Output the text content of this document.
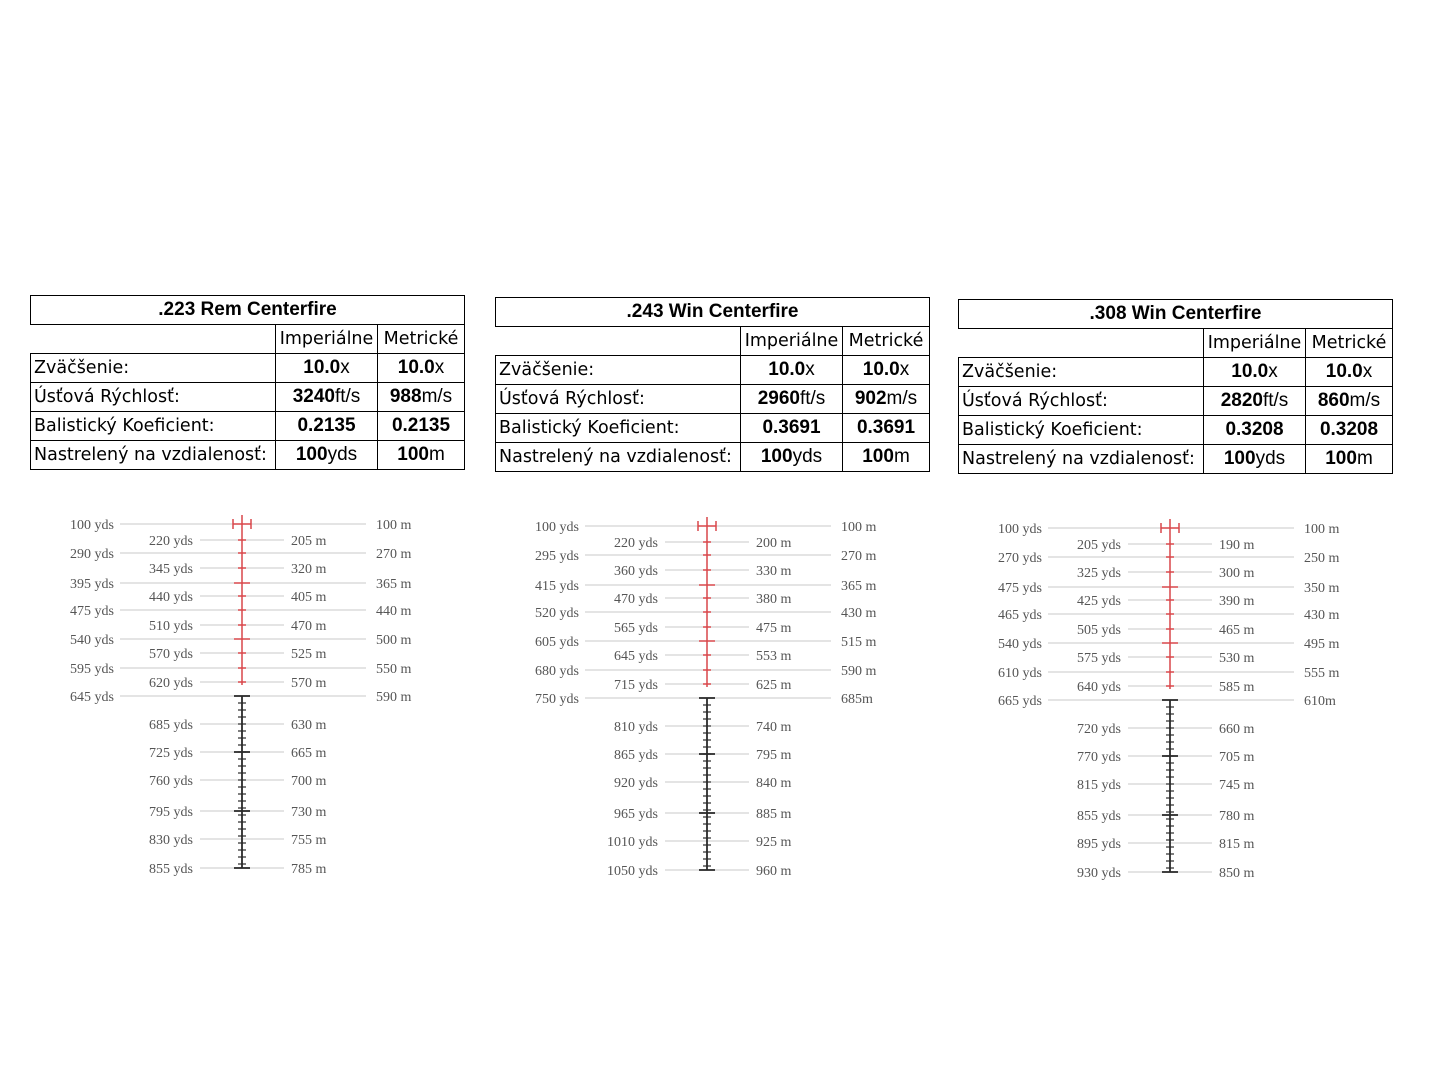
.223 Rem Centerfire		
	Imperiálne	Metrické
Zväčšenie:	10.0x	10.0x
Úsťová Rýchlosť:	3240ft/s	988m/s
Balistický Koeficient:	0.2135	0.2135
Nastrelený na vzdialenosť:	100yds	100m
100 yds	100 m
290 yds	270 m
395 yds	365 m
475 yds	440 m
540 yds	500 m
595 yds	550 m
645 yds	590 m
220 yds	205 m
345 yds	320 m
440 yds	405 m
510 yds	470 m
570 yds	525 m
620 yds	570 m
685 yds	630 m
725 yds	665 m
760 yds	700 m
795 yds	730 m
830 yds	755 m
855 yds	785 m
.243 Win Centerfire		
	Imperiálne	Metrické
Zväčšenie:	10.0x	10.0x
Úsťová Rýchlosť:	2960ft/s	902m/s
Balistický Koeficient:	0.3691	0.3691
Nastrelený na vzdialenosť:	100yds	100m
100 yds	100 m
295 yds	270 m
415 yds	365 m
520 yds	430 m
605 yds	515 m
680 yds	590 m
750 yds	685m
220 yds	200 m
360 yds	330 m
470 yds	380 m
565 yds	475 m
645 yds	553 m
715 yds	625 m
810 yds	740 m
865 yds	795 m
920 yds	840 m
965 yds	885 m
1010 yds	925 m
1050 yds	960 m
.308 Win Centerfire		
	Imperiálne	Metrické
Zväčšenie:	10.0x	10.0x
Úsťová Rýchlosť:	2820ft/s	860m/s
Balistický Koeficient:	0.3208	0.3208
Nastrelený na vzdialenosť:	100yds	100m
100 yds	100 m
270 yds	250 m
475 yds	350 m
465 yds	430 m
540 yds	495 m
610 yds	555 m
665 yds	610m
205 yds	190 m
325 yds	300 m
425 yds	390 m
505 yds	465 m
575 yds	530 m
640 yds	585 m
720 yds	660 m
770 yds	705 m
815 yds	745 m
855 yds	780 m
895 yds	815 m
930 yds	850 m
